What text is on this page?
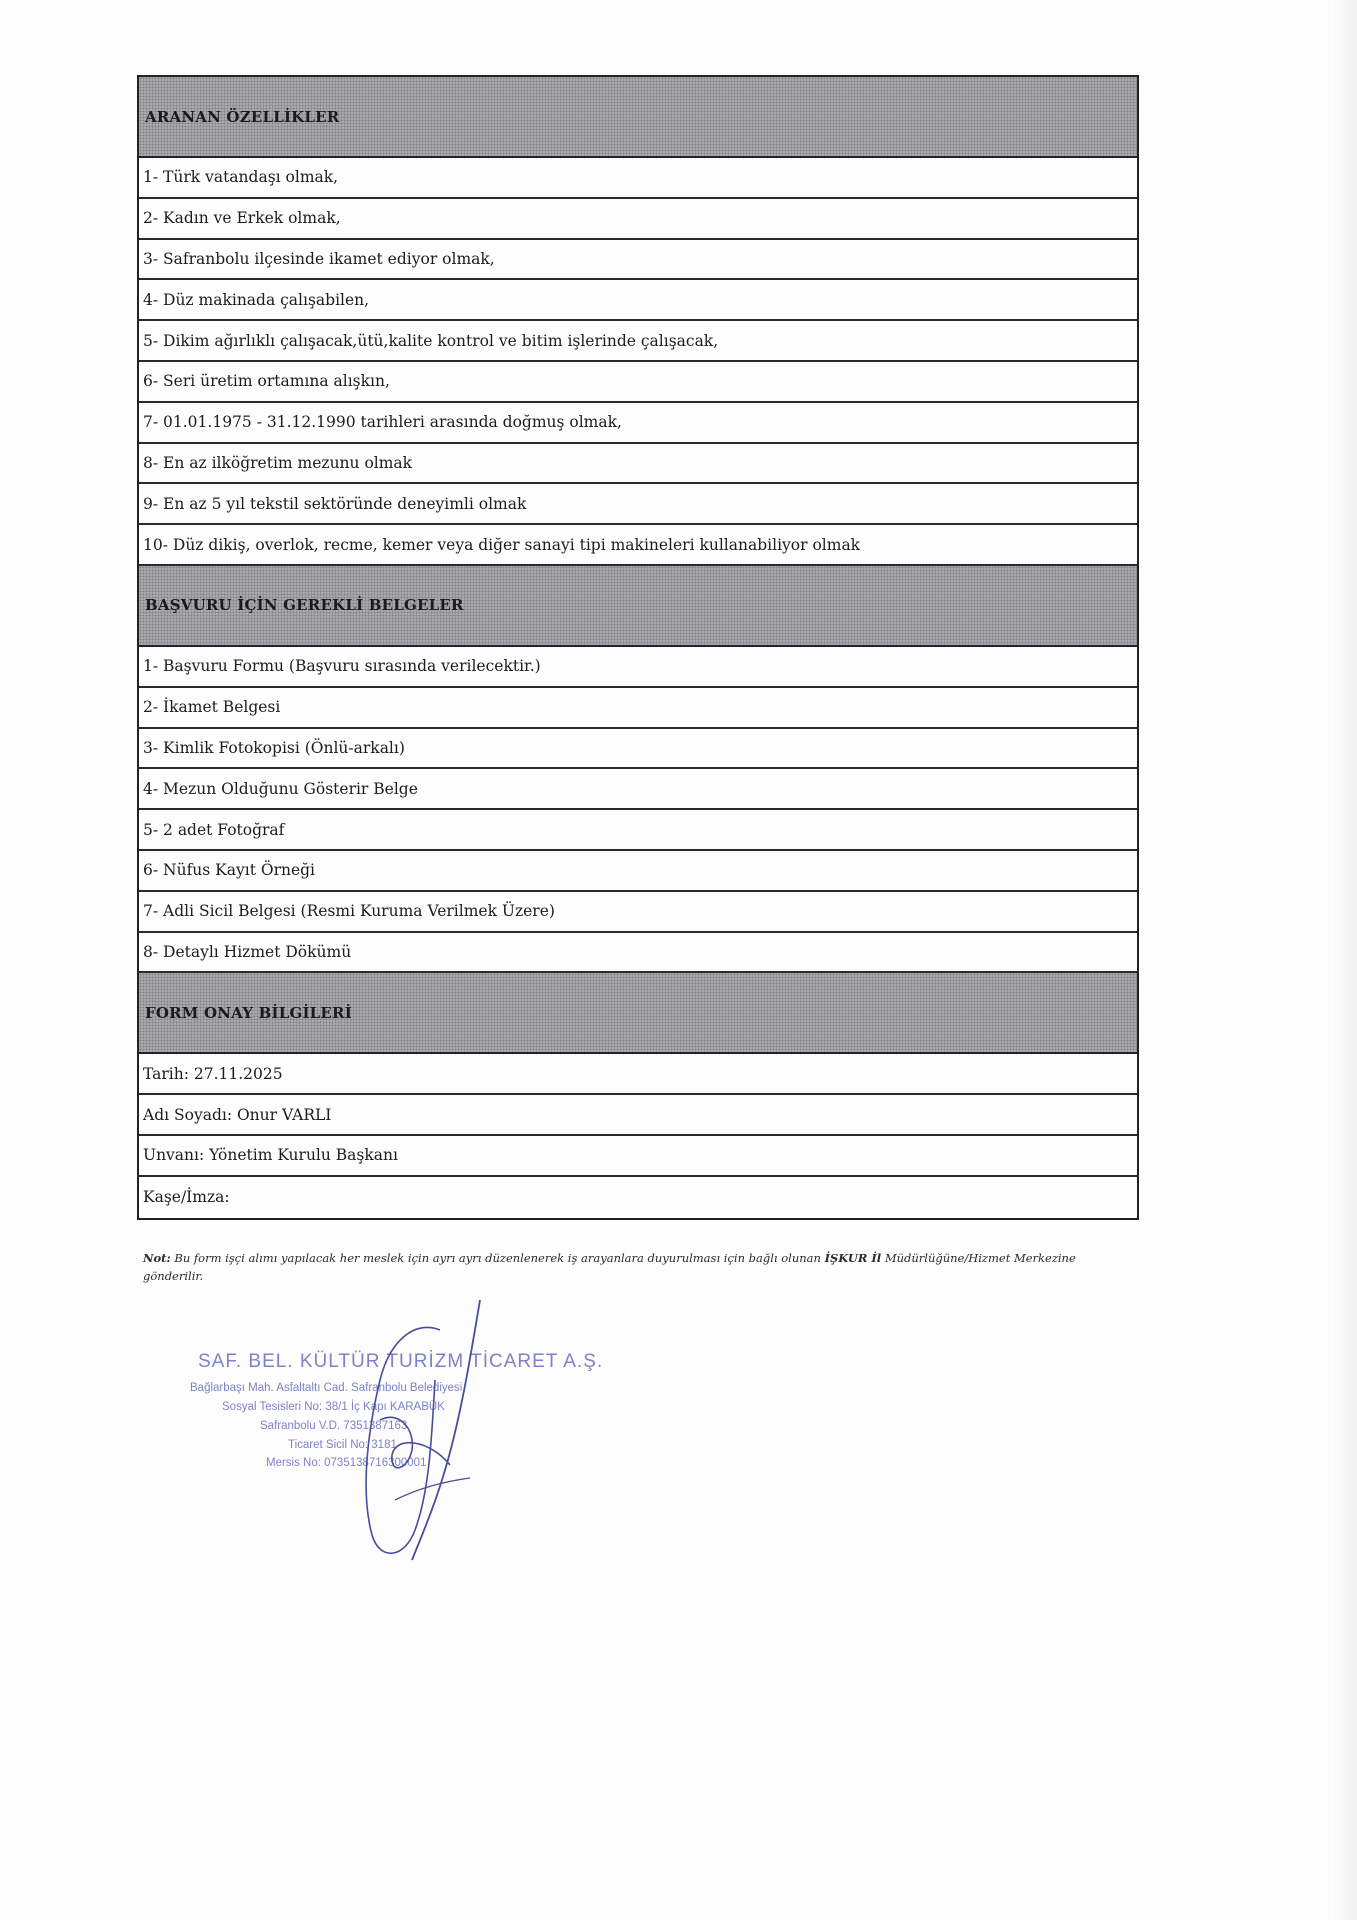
ARANAN ÖZELLİKLER
1- Türk vatandaşı olmak,
2- Kadın ve Erkek olmak,
3- Safranbolu ilçesinde ikamet ediyor olmak,
4- Düz makinada çalışabilen,
5- Dikim ağırlıklı çalışacak,ütü,kalite kontrol ve bitim işlerinde çalışacak,
6- Seri üretim ortamına alışkın,
7- 01.01.1975 - 31.12.1990 tarihleri arasında doğmuş olmak,
8- En az ilköğretim mezunu olmak
9- En az 5 yıl tekstil sektöründe deneyimli olmak
10- Düz dikiş, overlok, recme, kemer veya diğer sanayi tipi makineleri kullanabiliyor olmak
BAŞVURU İÇİN GEREKLİ BELGELER
1- Başvuru Formu (Başvuru sırasında verilecektir.)
2- İkamet Belgesi
3- Kimlik Fotokopisi (Önlü-arkalı)
4- Mezun Olduğunu Gösterir Belge
5- 2 adet Fotoğraf
6- Nüfus Kayıt Örneği
7- Adli Sicil Belgesi (Resmi Kuruma Verilmek Üzere)
8- Detaylı Hizmet Dökümü
FORM ONAY BİLGİLERİ
Tarih: 27.11.2025
Adı Soyadı: Onur VARLI
Unvanı: Yönetim Kurulu Başkanı
Kaşe/İmza:
Not: Bu form işçi alımı yapılacak her meslek için ayrı ayrı düzenlenerek iş arayanlara duyurulması için bağlı olunan İŞKUR İl Müdürlüğüne/Hizmet Merkezine gönderilir.
SAF. BEL. KÜLTÜR TURİZM TİCARET A.Ş.
Bağlarbaşı Mah. Asfaltaltı Cad. Safranbolu Belediyesi
Sosyal Tesisleri No: 38/1 İç Kapı KARABÜK
Safranbolu V.D. 7351387163
Ticaret Sicil No: 3181
Mersis No: 0735138716300001
